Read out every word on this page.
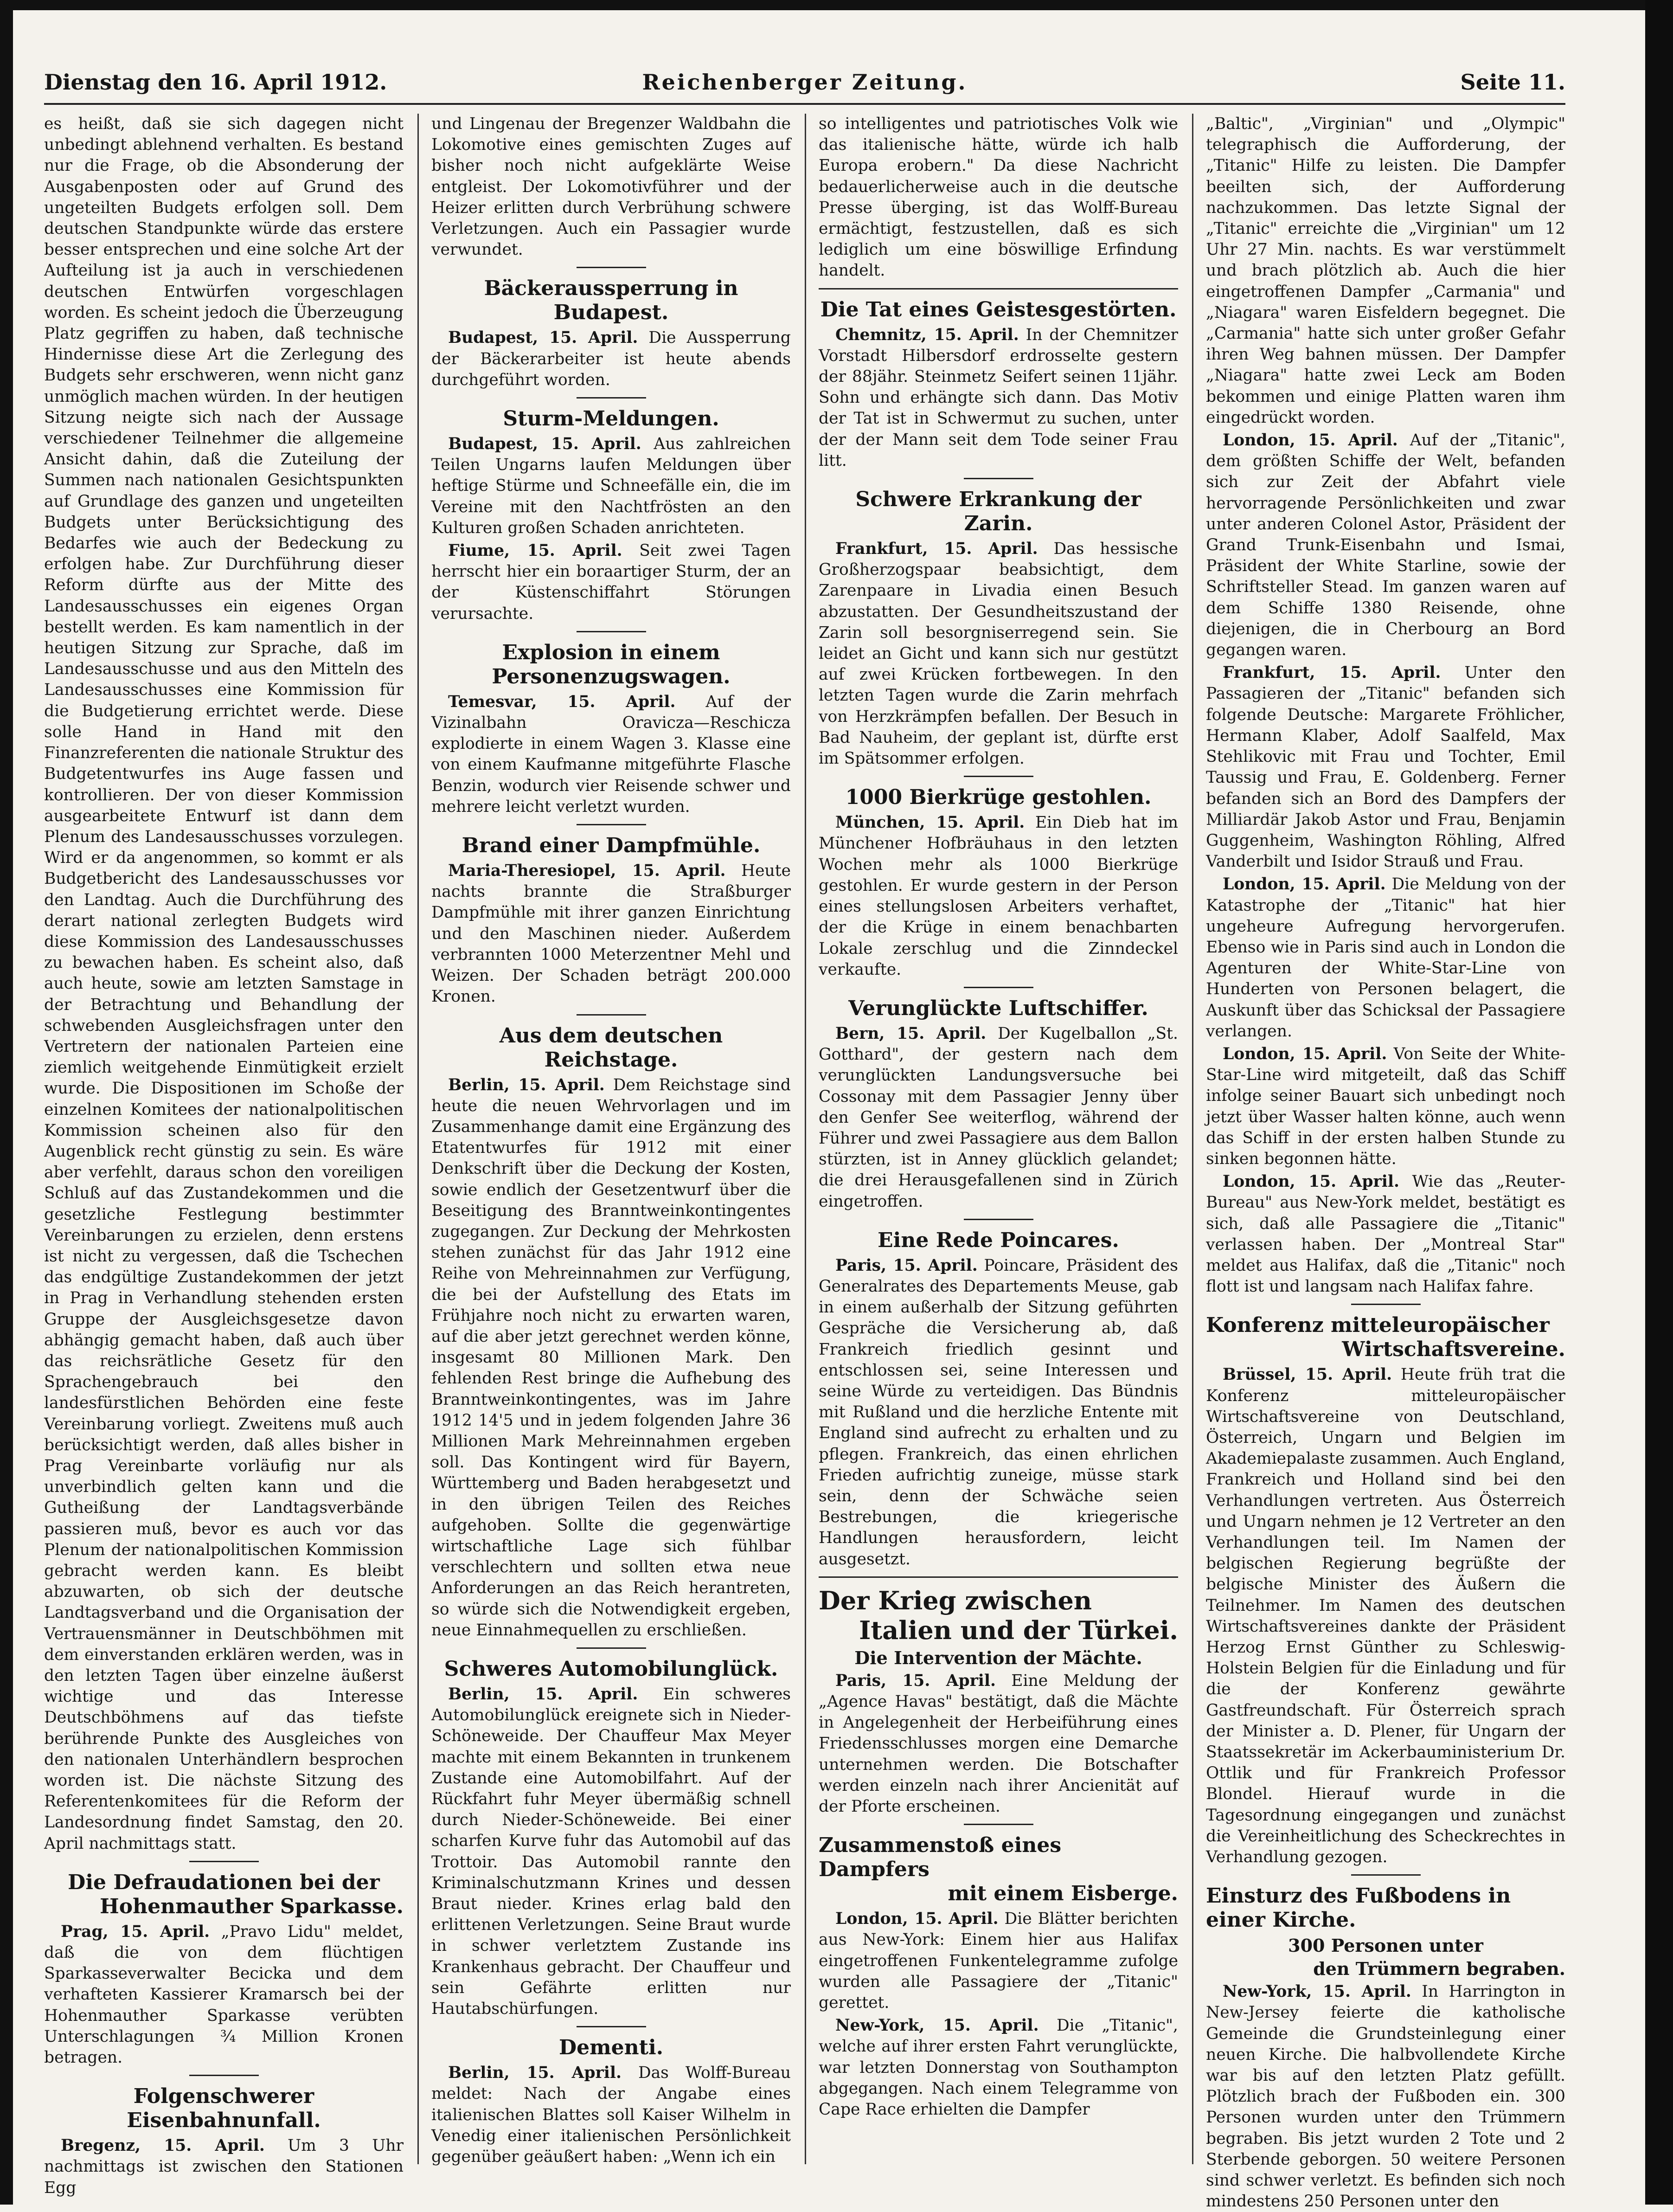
Dienstag den 16. April 1912.	Reichenberger Zeitung.	Seite 11.

es heißt, daß sie sich dagegen nicht unbedingt ablehnend verhalten. Es bestand nur die Frage, ob die Absonderung der Ausgabenposten oder auf Grund des ungeteilten Budgets erfolgen soll. Dem deutschen Standpunkte würde das erstere besser entsprechen und eine solche Art der Aufteilung ist ja auch in verschiedenen deutschen Entwürfen vorgeschlagen worden. Es scheint jedoch die Überzeugung Platz gegriffen zu haben, daß technische Hindernisse diese Art die Zerlegung des Budgets sehr erschweren, wenn nicht ganz unmöglich machen würden. In der heutigen Sitzung neigte sich nach der Aussage verschiedener Teilnehmer die allgemeine Ansicht dahin, daß die Zuteilung der Summen nach nationalen Gesichtspunkten auf Grundlage des ganzen und ungeteilten Budgets unter Berücksichtigung des Bedarfes wie auch der Bedeckung zu erfolgen habe. Zur Durchführung dieser Reform dürfte aus der Mitte des Landesausschusses ein eigenes Organ bestellt werden. Es kam namentlich in der heutigen Sitzung zur Sprache, daß im Landesausschusse und aus den Mitteln des Landesausschusses eine Kommission für die Budgetierung errichtet werde. Diese solle Hand in Hand mit den Finanzreferenten die nationale Struktur des Budgetentwurfes ins Auge fassen und kontrollieren. Der von dieser Kommission ausgearbeitete Entwurf ist dann dem Plenum des Landesausschusses vorzulegen. Wird er da angenommen, so kommt er als Budgetbericht des Landesausschusses vor den Landtag. Auch die Durchführung des derart national zerlegten Budgets wird diese Kommission des Landesausschusses zu bewachen haben. Es scheint also, daß auch heute, sowie am letzten Samstage in der Betrachtung und Behandlung der schwebenden Ausgleichsfragen unter den Vertretern der nationalen Parteien eine ziemlich weitgehende Einmütigkeit erzielt wurde. Die Dispositionen im Schoße der einzelnen Komitees der nationalpolitischen Kommission scheinen also für den Augenblick recht günstig zu sein. Es wäre aber verfehlt, daraus schon den voreiligen Schluß auf das Zustandekommen und die gesetzliche Festlegung bestimmter Vereinbarungen zu erzielen, denn erstens ist nicht zu vergessen, daß die Tschechen das endgültige Zustandekommen der jetzt in Prag in Verhandlung stehenden ersten Gruppe der Ausgleichsgesetze davon abhängig gemacht haben, daß auch über das reichsrätliche Gesetz für den Sprachengebrauch bei den landesfürstlichen Behörden eine feste Vereinbarung vorliegt. Zweitens muß auch berücksichtigt werden, daß alles bisher in Prag Vereinbarte vorläufig nur als unverbindlich gelten kann und die Gutheißung der Landtagsverbände passieren muß, bevor es auch vor das Plenum der nationalpolitischen Kommission gebracht werden kann. Es bleibt abzuwarten, ob sich der deutsche Landtagsverband und die Organisation der Vertrauensmänner in Deutschböhmen mit dem einverstanden erklären werden, was in den letzten Tagen über einzelne äußerst wichtige und das Interesse Deutschböhmens auf das tiefste berührende Punkte des Ausgleiches von den nationalen Unterhändlern besprochen worden ist. Die nächste Sitzung des Referentenkomitees für die Reform der Landesordnung findet Samstag, den 20. April nachmittags statt.

Die Defraudationen bei der
Hohenmauther Sparkasse.

Prag, 15. April. „Pravo Lidu" meldet, daß die von dem flüchtigen Sparkasseverwalter Becicka und dem verhafteten Kassierer Kramarsch bei der Hohenmauther Sparkasse verübten Unterschlagungen ¾ Million Kronen betragen.

Folgenschwerer Eisenbahnunfall.

Bregenz, 15. April. Um 3 Uhr nachmittags ist zwischen den Stationen Egg

und Lingenau der Bregenzer Waldbahn die Lokomotive eines gemischten Zuges auf bisher noch nicht aufgeklärte Weise entgleist. Der Lokomotivführer und der Heizer erlitten durch Verbrühung schwere Verletzungen. Auch ein Passagier wurde verwundet.

Bäckeraussperrung in Budapest.

Budapest, 15. April. Die Aussperrung der Bäckerarbeiter ist heute abends durchgeführt worden.

Sturm-Meldungen.

Budapest, 15. April. Aus zahlreichen Teilen Ungarns laufen Meldungen über heftige Stürme und Schneefälle ein, die im Vereine mit den Nachtfrösten an den Kulturen großen Schaden anrichteten.

Fiume, 15. April. Seit zwei Tagen herrscht hier ein boraartiger Sturm, der an der Küstenschiffahrt Störungen verursachte.

Explosion in einem Personenzugswagen.

Temesvar, 15. April. Auf der Vizinalbahn Oravicza—Reschicza explodierte in einem Wagen 3. Klasse eine von einem Kaufmanne mitgeführte Flasche Benzin, wodurch vier Reisende schwer und mehrere leicht verletzt wurden.

Brand einer Dampfmühle.

Maria-Theresiopel, 15. April. Heute nachts brannte die Straßburger Dampfmühle mit ihrer ganzen Einrichtung und den Maschinen nieder. Außerdem verbrannten 1000 Meterzentner Mehl und Weizen. Der Schaden beträgt 200.000 Kronen.

Aus dem deutschen Reichstage.

Berlin, 15. April. Dem Reichstage sind heute die neuen Wehrvorlagen und im Zusammenhange damit eine Ergänzung des Etatentwurfes für 1912 mit einer Denkschrift über die Deckung der Kosten, sowie endlich der Gesetzentwurf über die Beseitigung des Branntweinkontingentes zugegangen. Zur Deckung der Mehrkosten stehen zunächst für das Jahr 1912 eine Reihe von Mehreinnahmen zur Verfügung, die bei der Aufstellung des Etats im Frühjahre noch nicht zu erwarten waren, auf die aber jetzt gerechnet werden könne, insgesamt 80 Millionen Mark. Den fehlenden Rest bringe die Aufhebung des Branntweinkontingentes, was im Jahre 1912 14'5 und in jedem folgenden Jahre 36 Millionen Mark Mehreinnahmen ergeben soll. Das Kontingent wird für Bayern, Württemberg und Baden herabgesetzt und in den übrigen Teilen des Reiches aufgehoben. Sollte die gegenwärtige wirtschaftliche Lage sich fühlbar verschlechtern und sollten etwa neue Anforderungen an das Reich herantreten, so würde sich die Notwendigkeit ergeben, neue Einnahmequellen zu erschließen.

Schweres Automobilunglück.

Berlin, 15. April. Ein schweres Automobilunglück ereignete sich in Nieder-Schöneweide. Der Chauffeur Max Meyer machte mit einem Bekannten in trunkenem Zustande eine Automobilfahrt. Auf der Rückfahrt fuhr Meyer übermäßig schnell durch Nieder-Schöneweide. Bei einer scharfen Kurve fuhr das Automobil auf das Trottoir. Das Automobil rannte den Kriminalschutzmann Krines und dessen Braut nieder. Krines erlag bald den erlittenen Verletzungen. Seine Braut wurde in schwer verletztem Zustande ins Krankenhaus gebracht. Der Chauffeur und sein Gefährte erlitten nur Hautabschürfungen.

Dementi.

Berlin, 15. April. Das Wolff-Bureau meldet: Nach der Angabe eines italienischen Blattes soll Kaiser Wilhelm in Venedig einer italienischen Persönlichkeit gegenüber geäußert haben: „Wenn ich ein

so intelligentes und patriotisches Volk wie das italienische hätte, würde ich halb Europa erobern." Da diese Nachricht bedauerlicherweise auch in die deutsche Presse überging, ist das Wolff-Bureau ermächtigt, festzustellen, daß es sich lediglich um eine böswillige Erfindung handelt.

Die Tat eines Geistesgestörten.

Chemnitz, 15. April. In der Chemnitzer Vorstadt Hilbersdorf erdrosselte gestern der 88jähr. Steinmetz Seifert seinen 11jähr. Sohn und erhängte sich dann. Das Motiv der Tat ist in Schwermut zu suchen, unter der der Mann seit dem Tode seiner Frau litt.

Schwere Erkrankung der Zarin.

Frankfurt, 15. April. Das hessische Großherzogspaar beabsichtigt, dem Zarenpaare in Livadia einen Besuch abzustatten. Der Gesundheitszustand der Zarin soll besorgniserregend sein. Sie leidet an Gicht und kann sich nur gestützt auf zwei Krücken fortbewegen. In den letzten Tagen wurde die Zarin mehrfach von Herzkrämpfen befallen. Der Besuch in Bad Nauheim, der geplant ist, dürfte erst im Spätsommer erfolgen.

1000 Bierkrüge gestohlen.

München, 15. April. Ein Dieb hat im Münchener Hofbräuhaus in den letzten Wochen mehr als 1000 Bierkrüge gestohlen. Er wurde gestern in der Person eines stellungslosen Arbeiters verhaftet, der die Krüge in einem benachbarten Lokale zerschlug und die Zinndeckel verkaufte.

Verunglückte Luftschiffer.

Bern, 15. April. Der Kugelballon „St. Gotthard", der gestern nach dem verunglückten Landungsversuche bei Cossonay mit dem Passagier Jenny über den Genfer See weiterflog, während der Führer und zwei Passagiere aus dem Ballon stürzten, ist in Anney glücklich gelandet; die drei Herausgefallenen sind in Zürich eingetroffen.

Eine Rede Poincares.

Paris, 15. April. Poincare, Präsident des Generalrates des Departements Meuse, gab in einem außerhalb der Sitzung geführten Gespräche die Versicherung ab, daß Frankreich friedlich gesinnt und entschlossen sei, seine Interessen und seine Würde zu verteidigen. Das Bündnis mit Rußland und die herzliche Entente mit England sind aufrecht zu erhalten und zu pflegen. Frankreich, das einen ehrlichen Frieden aufrichtig zuneige, müsse stark sein, denn der Schwäche seien Bestrebungen, die kriegerische Handlungen herausfordern, leicht ausgesetzt.

Der Krieg zwischen
Italien und der Türkei.
Die Intervention der Mächte.

Paris, 15. April. Eine Meldung der „Agence Havas" bestätigt, daß die Mächte in Angelegenheit der Herbeiführung eines Friedensschlusses morgen eine Demarche unternehmen werden. Die Botschafter werden einzeln nach ihrer Ancienität auf der Pforte erscheinen.

Zusammenstoß eines Dampfers
mit einem Eisberge.

London, 15. April. Die Blätter berichten aus New-York: Einem hier aus Halifax eingetroffenen Funkentelegramme zufolge wurden alle Passagiere der „Titanic" gerettet.

New-York, 15. April. Die „Titanic", welche auf ihrer ersten Fahrt verunglückte, war letzten Donnerstag von Southampton abgegangen. Nach einem Telegramme von Cape Race erhielten die Dampfer

„Baltic", „Virginian" und „Olympic" telegraphisch die Aufforderung, der „Titanic" Hilfe zu leisten. Die Dampfer beeilten sich, der Aufforderung nachzukommen. Das letzte Signal der „Titanic" erreichte die „Virginian" um 12 Uhr 27 Min. nachts. Es war verstümmelt und brach plötzlich ab. Auch die hier eingetroffenen Dampfer „Carmania" und „Niagara" waren Eisfeldern begegnet. Die „Carmania" hatte sich unter großer Gefahr ihren Weg bahnen müssen. Der Dampfer „Niagara" hatte zwei Leck am Boden bekommen und einige Platten waren ihm eingedrückt worden.

London, 15. April. Auf der „Titanic", dem größten Schiffe der Welt, befanden sich zur Zeit der Abfahrt viele hervorragende Persönlichkeiten und zwar unter anderen Colonel Astor, Präsident der Grand Trunk-Eisenbahn und Ismai, Präsident der White Starline, sowie der Schriftsteller Stead. Im ganzen waren auf dem Schiffe 1380 Reisende, ohne diejenigen, die in Cherbourg an Bord gegangen waren.

Frankfurt, 15. April. Unter den Passagieren der „Titanic" befanden sich folgende Deutsche: Margarete Fröhlicher, Hermann Klaber, Adolf Saalfeld, Max Stehlikovic mit Frau und Tochter, Emil Taussig und Frau, E. Goldenberg. Ferner befanden sich an Bord des Dampfers der Milliardär Jakob Astor und Frau, Benjamin Guggenheim, Washington Röhling, Alfred Vanderbilt und Isidor Strauß und Frau.

London, 15. April. Die Meldung von der Katastrophe der „Titanic" hat hier ungeheure Aufregung hervorgerufen. Ebenso wie in Paris sind auch in London die Agenturen der White-Star-Line von Hunderten von Personen belagert, die Auskunft über das Schicksal der Passagiere verlangen.

London, 15. April. Von Seite der White-Star-Line wird mitgeteilt, daß das Schiff infolge seiner Bauart sich unbedingt noch jetzt über Wasser halten könne, auch wenn das Schiff in der ersten halben Stunde zu sinken begonnen hätte.

London, 15. April. Wie das „Reuter-Bureau" aus New-York meldet, bestätigt es sich, daß alle Passagiere die „Titanic" verlassen haben. Der „Montreal Star" meldet aus Halifax, daß die „Titanic" noch flott ist und langsam nach Halifax fahre.

Konferenz mitteleuropäischer
Wirtschaftsvereine.

Brüssel, 15. April. Heute früh trat die Konferenz mitteleuropäischer Wirtschaftsvereine von Deutschland, Österreich, Ungarn und Belgien im Akademiepalaste zusammen. Auch England, Frankreich und Holland sind bei den Verhandlungen vertreten. Aus Österreich und Ungarn nehmen je 12 Vertreter an den Verhandlungen teil. Im Namen der belgischen Regierung begrüßte der belgische Minister des Äußern die Teilnehmer. Im Namen des deutschen Wirtschaftsvereines dankte der Präsident Herzog Ernst Günther zu Schleswig-Holstein Belgien für die Einladung und für die der Konferenz gewährte Gastfreundschaft. Für Österreich sprach der Minister a. D. Plener, für Ungarn der Staatssekretär im Ackerbauministerium Dr. Ottlik und für Frankreich Professor Blondel. Hierauf wurde in die Tagesordnung eingegangen und zunächst die Vereinheitlichung des Scheckrechtes in Verhandlung gezogen.

Einsturz des Fußbodens in einer Kirche.
300 Personen unter
den Trümmern begraben.

New-York, 15. April. In Harrington in New-Jersey feierte die katholische Gemeinde die Grundsteinlegung einer neuen Kirche. Die halbvollendete Kirche war bis auf den letzten Platz gefüllt. Plötzlich brach der Fußboden ein. 300 Personen wurden unter den Trümmern begraben. Bis jetzt wurden 2 Tote und 2 Sterbende geborgen. 50 weitere Personen sind schwer verletzt. Es befinden sich noch mindestens 250 Personen unter den
